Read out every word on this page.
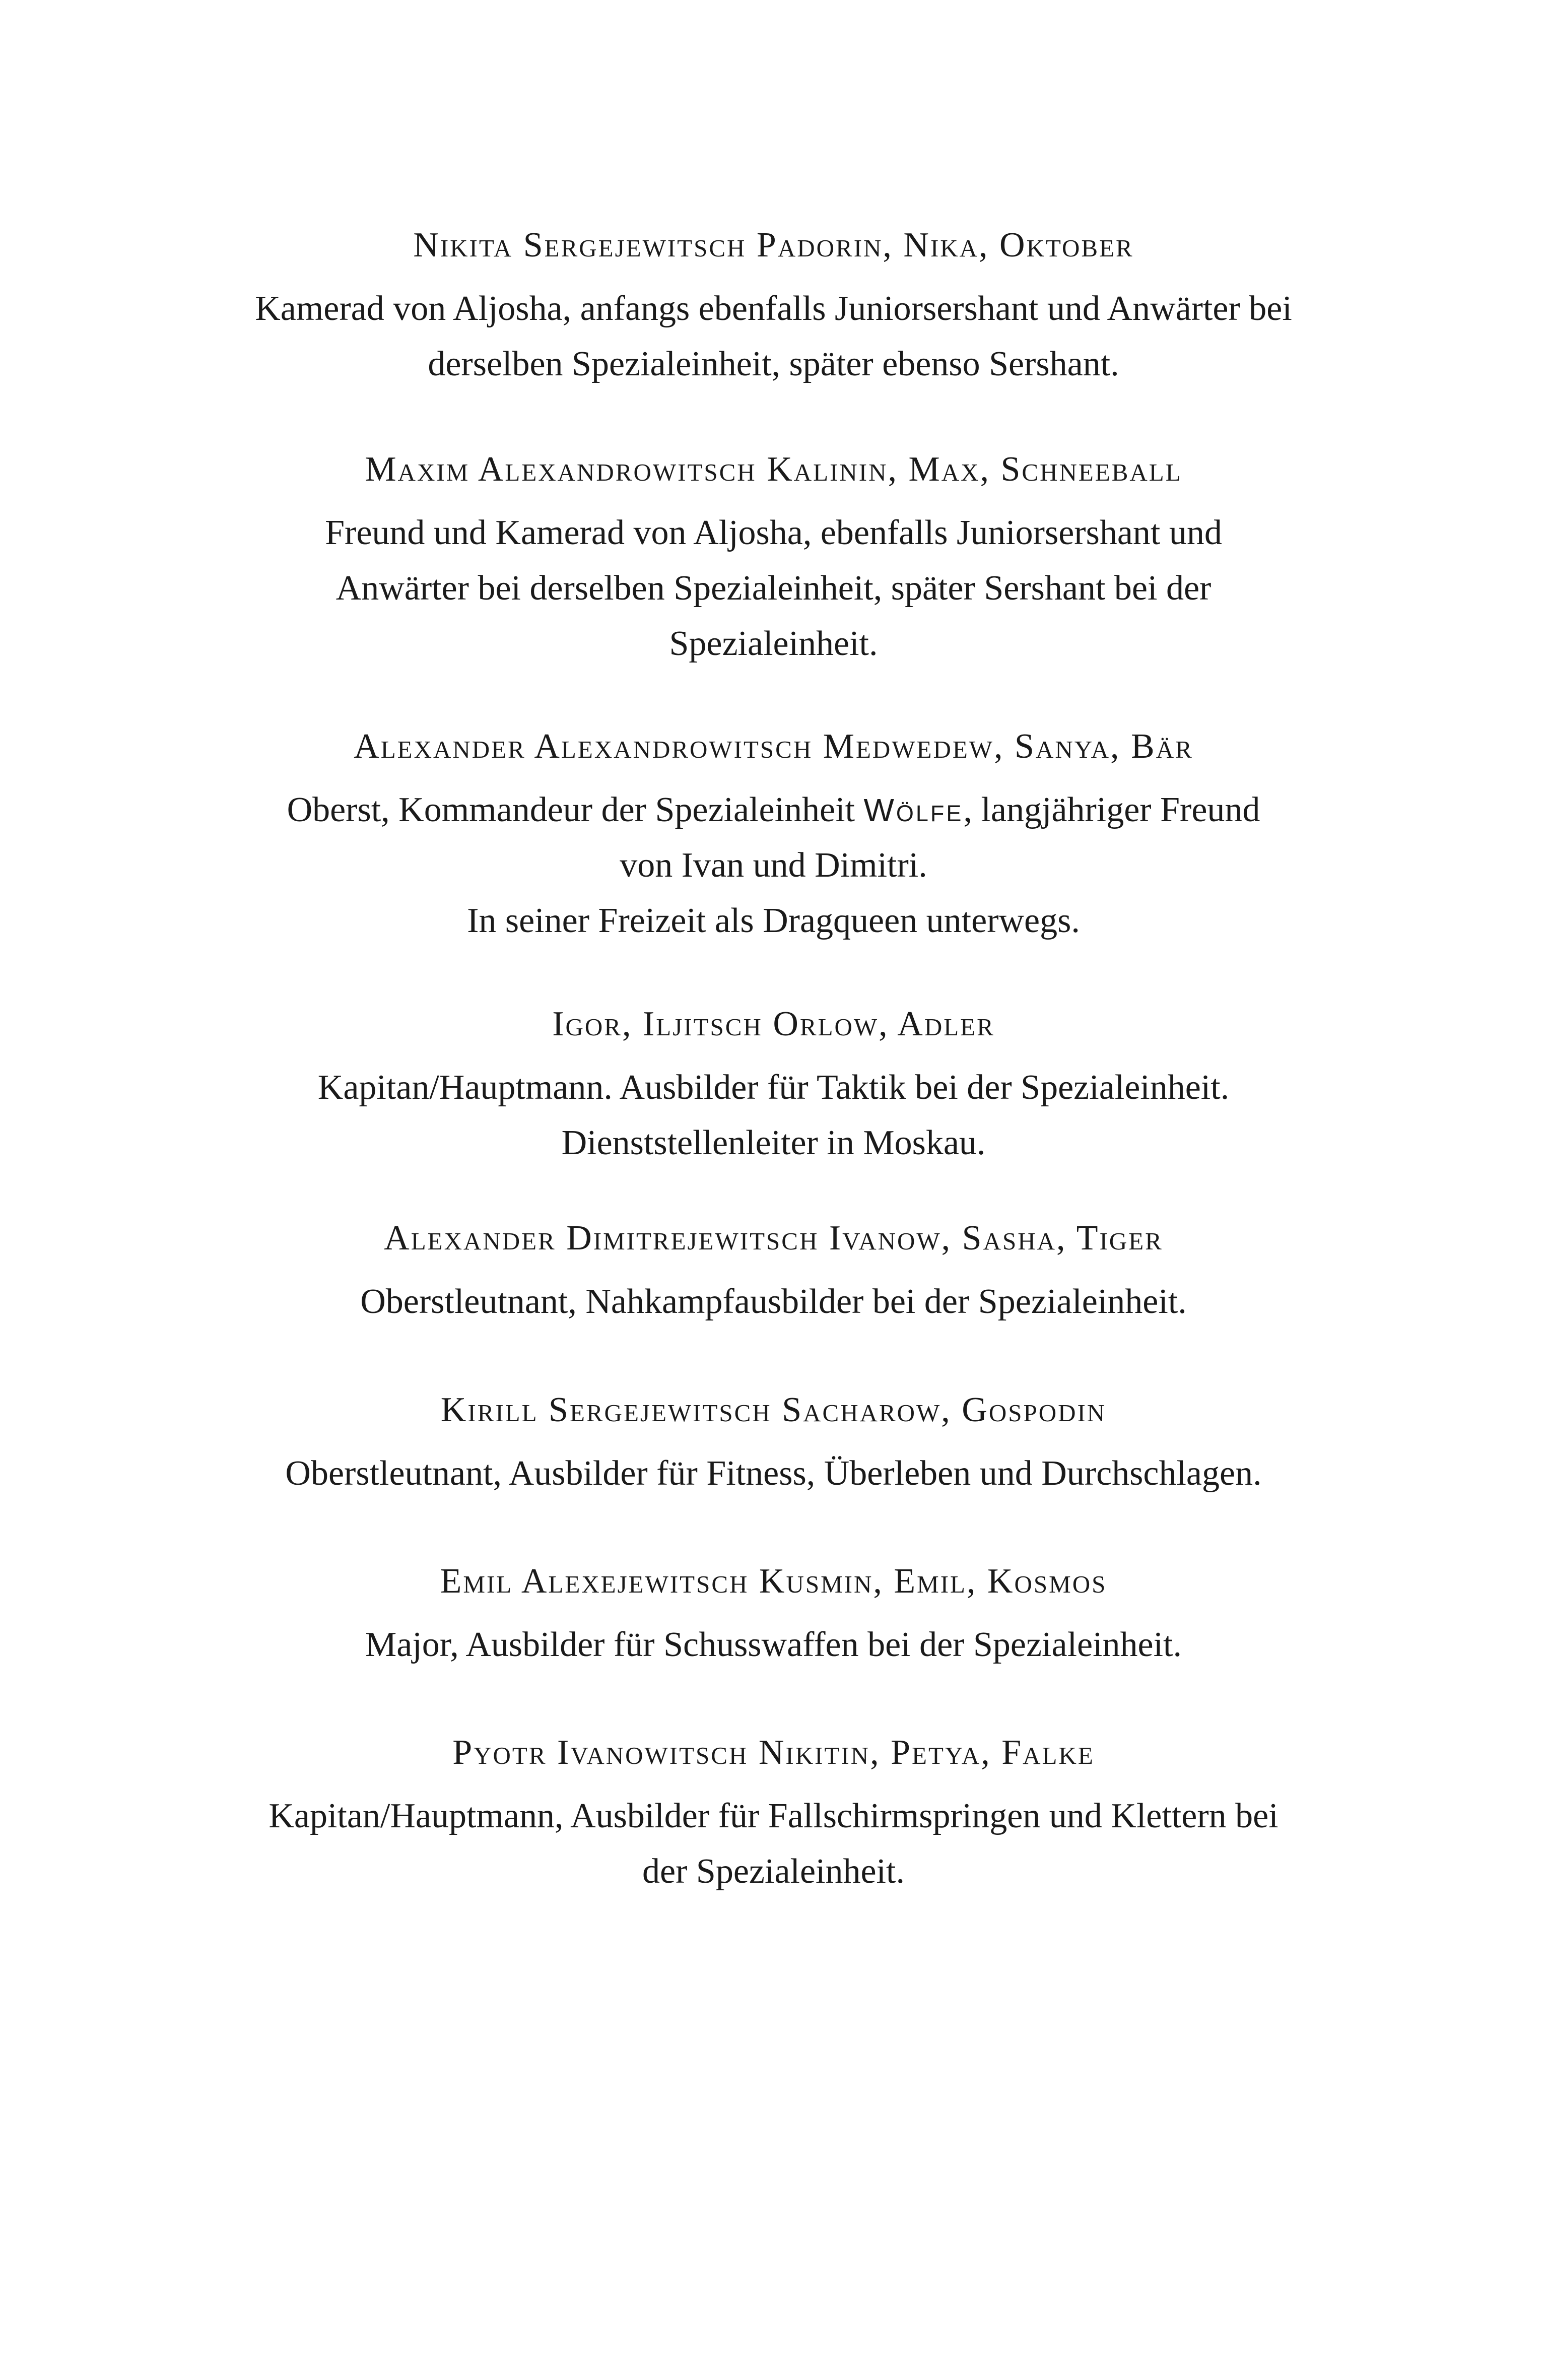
Nikita Sergejewitsch Padorin, Nika, Oktober

Kamerad von Aljosha, anfangs ebenfalls Juniorsershant und Anwärter bei
derselben Spezialeinheit, später ebenso Sershant.

Maxim Alexandrowitsch Kalinin, Max, Schneeball

Freund und Kamerad von Aljosha, ebenfalls Juniorsershant und
Anwärter bei derselben Spezialeinheit, später Sershant bei der
Spezialeinheit.

Alexander Alexandrowitsch Medwedew, Sanya, Bär

Oberst, Kommandeur der Spezialeinheit Wölfe, langjähriger Freund
von Ivan und Dimitri.
In seiner Freizeit als Dragqueen unterwegs.

Igor, Iljitsch Orlow, Adler

Kapitan/Hauptmann. Ausbilder für Taktik bei der Spezialeinheit.
Dienststellenleiter in Moskau.

Alexander Dimitrejewitsch Ivanow, Sasha, Tiger

Oberstleutnant, Nahkampfausbilder bei der Spezialeinheit.

Kirill Sergejewitsch Sacharow, Gospodin

Oberstleutnant, Ausbilder für Fitness, Überleben und Durchschlagen.

Emil Alexejewitsch Kusmin, Emil, Kosmos

Major, Ausbilder für Schusswaffen bei der Spezialeinheit.

Pyotr Ivanowitsch Nikitin, Petya, Falke

Kapitan/Hauptmann, Ausbilder für Fallschirmspringen und Klettern bei
der Spezialeinheit.
